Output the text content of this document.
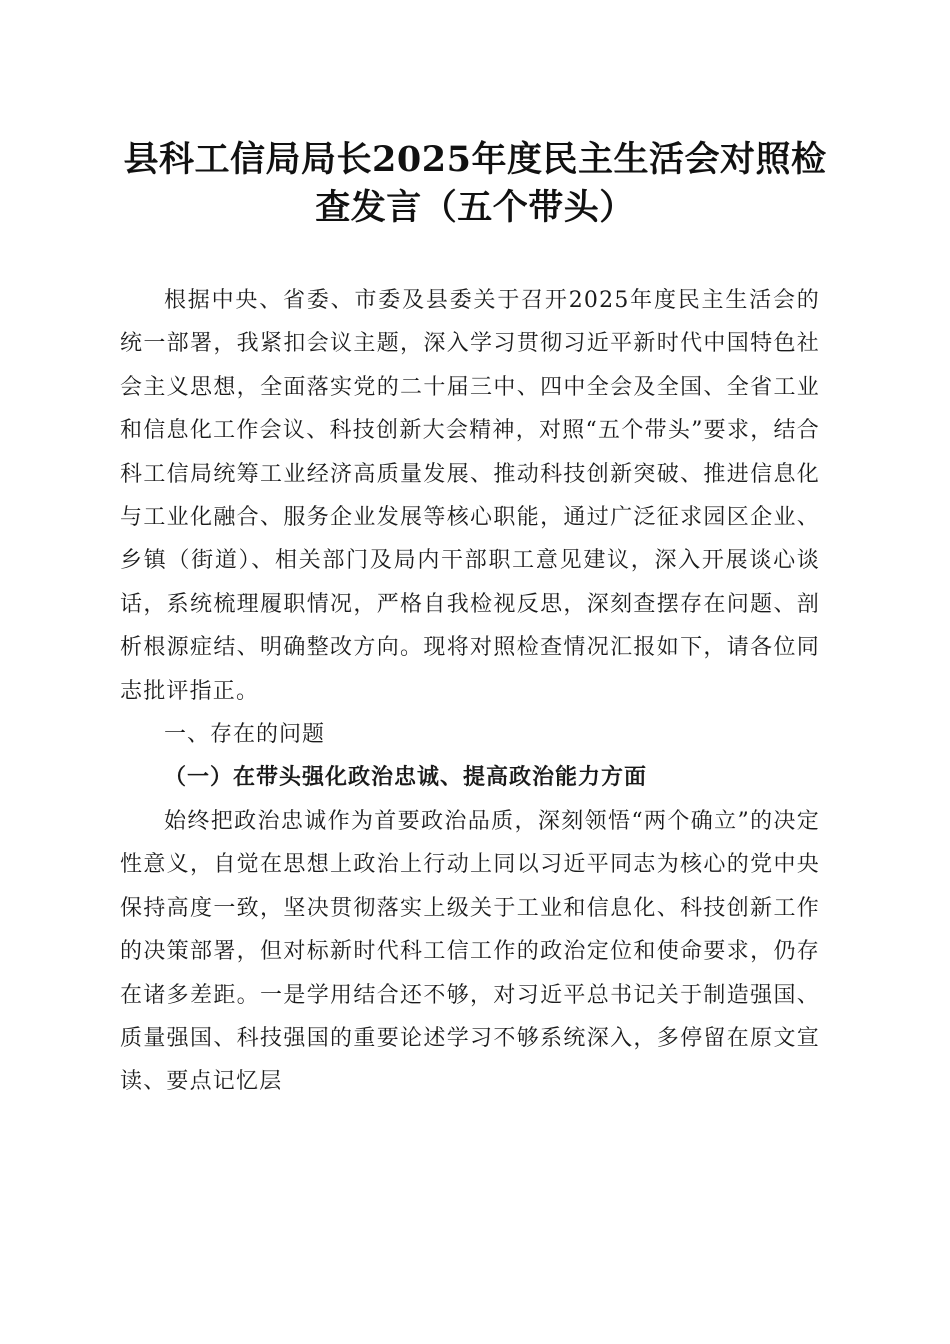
县科工信局局长2025年度民主生活会对照检
查发言（五个带头）

根据中央、省委、市委及县委关于召开2025年度民主生活会的统一部署，我紧扣会议主题，深入学习贯彻习近平新时代中国特色社会主义思想，全面落实党的二十届三中、四中全会及全国、全省工业和信息化工作会议、科技创新大会精神，对照“五个带头”要求，结合科工信局统筹工业经济高质量发展、推动科技创新突破、推进信息化与工业化融合、服务企业发展等核心职能，通过广泛征求园区企业、乡镇（街道）、相关部门及局内干部职工意见建议，深入开展谈心谈话，系统梳理履职情况，严格自我检视反思，深刻查摆存在问题、剖析根源症结、明确整改方向。现将对照检查情况汇报如下，请各位同志批评指正。

一、存在的问题

（一）在带头强化政治忠诚、提高政治能力方面

始终把政治忠诚作为首要政治品质，深刻领悟“两个确立”的决定性意义，自觉在思想上政治上行动上同以习近平同志为核心的党中央保持高度一致，坚决贯彻落实上级关于工业和信息化、科技创新工作的决策部署，但对标新时代科工信工作的政治定位和使命要求，仍存在诸多差距。一是学用结合还不够，对习近平总书记关于制造强国、质量强国、科技强国的重要论述学习不够系统深入，多停留在原文宣读、要点记忆层
